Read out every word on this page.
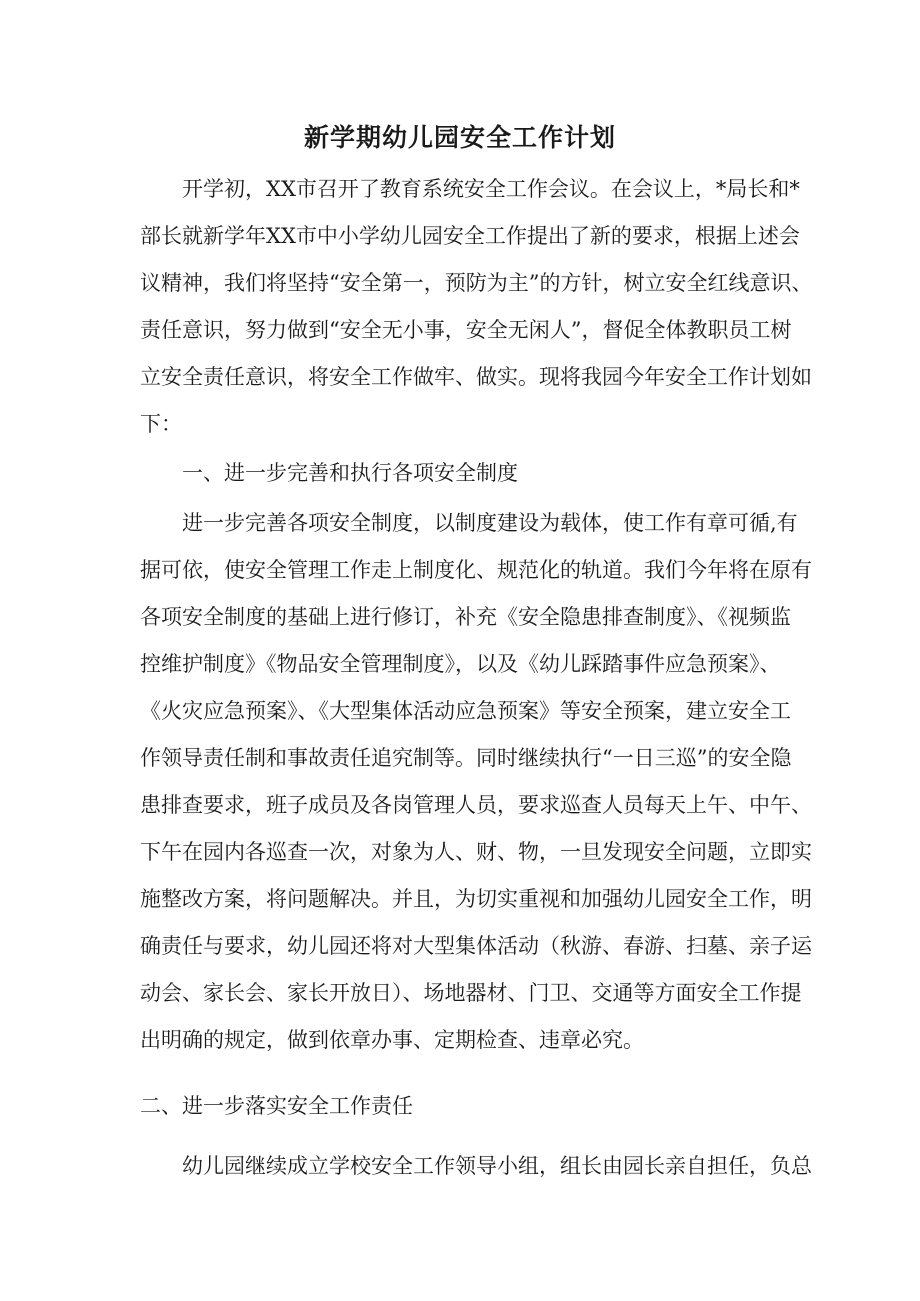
新学期幼儿园安全工作计划
开学初，XX市召开了教育系统安全工作会议。在会议上，*局长和*
部长就新学年XX市中小学幼儿园安全工作提出了新的要求，根据上述会
议精神，我们将坚持“安全第一，预防为主”的方针，树立安全红线意识、
责任意识，努力做到“安全无小事，安全无闲人”，督促全体教职员工树
立安全责任意识，将安全工作做牢、做实。现将我园今年安全工作计划如
下：
一、进一步完善和执行各项安全制度
进一步完善各项安全制度，以制度建设为载体，使工作有章可循,有
据可依，使安全管理工作走上制度化、规范化的轨道。我们今年将在原有
各项安全制度的基础上进行修订，补充《安全隐患排查制度》、《视频监
控维护制度》《物品安全管理制度》，以及《幼儿踩踏事件应急预案》、
《火灾应急预案》、《大型集体活动应急预案》等安全预案，建立安全工
作领导责任制和事故责任追究制等。同时继续执行“一日三巡”的安全隐
患排查要求，班子成员及各岗管理人员，要求巡查人员每天上午、中午、
下午在园内各巡查一次，对象为人、财、物，一旦发现安全问题，立即实
施整改方案，将问题解决。并且，为切实重视和加强幼儿园安全工作，明
确责任与要求，幼儿园还将对大型集体活动（秋游、春游、扫墓、亲子运
动会、家长会、家长开放日）、场地器材、门卫、交通等方面安全工作提
出明确的规定，做到依章办事、定期检查、违章必究。
二、进一步落实安全工作责任
幼儿园继续成立学校安全工作领导小组，组长由园长亲自担任，负总
